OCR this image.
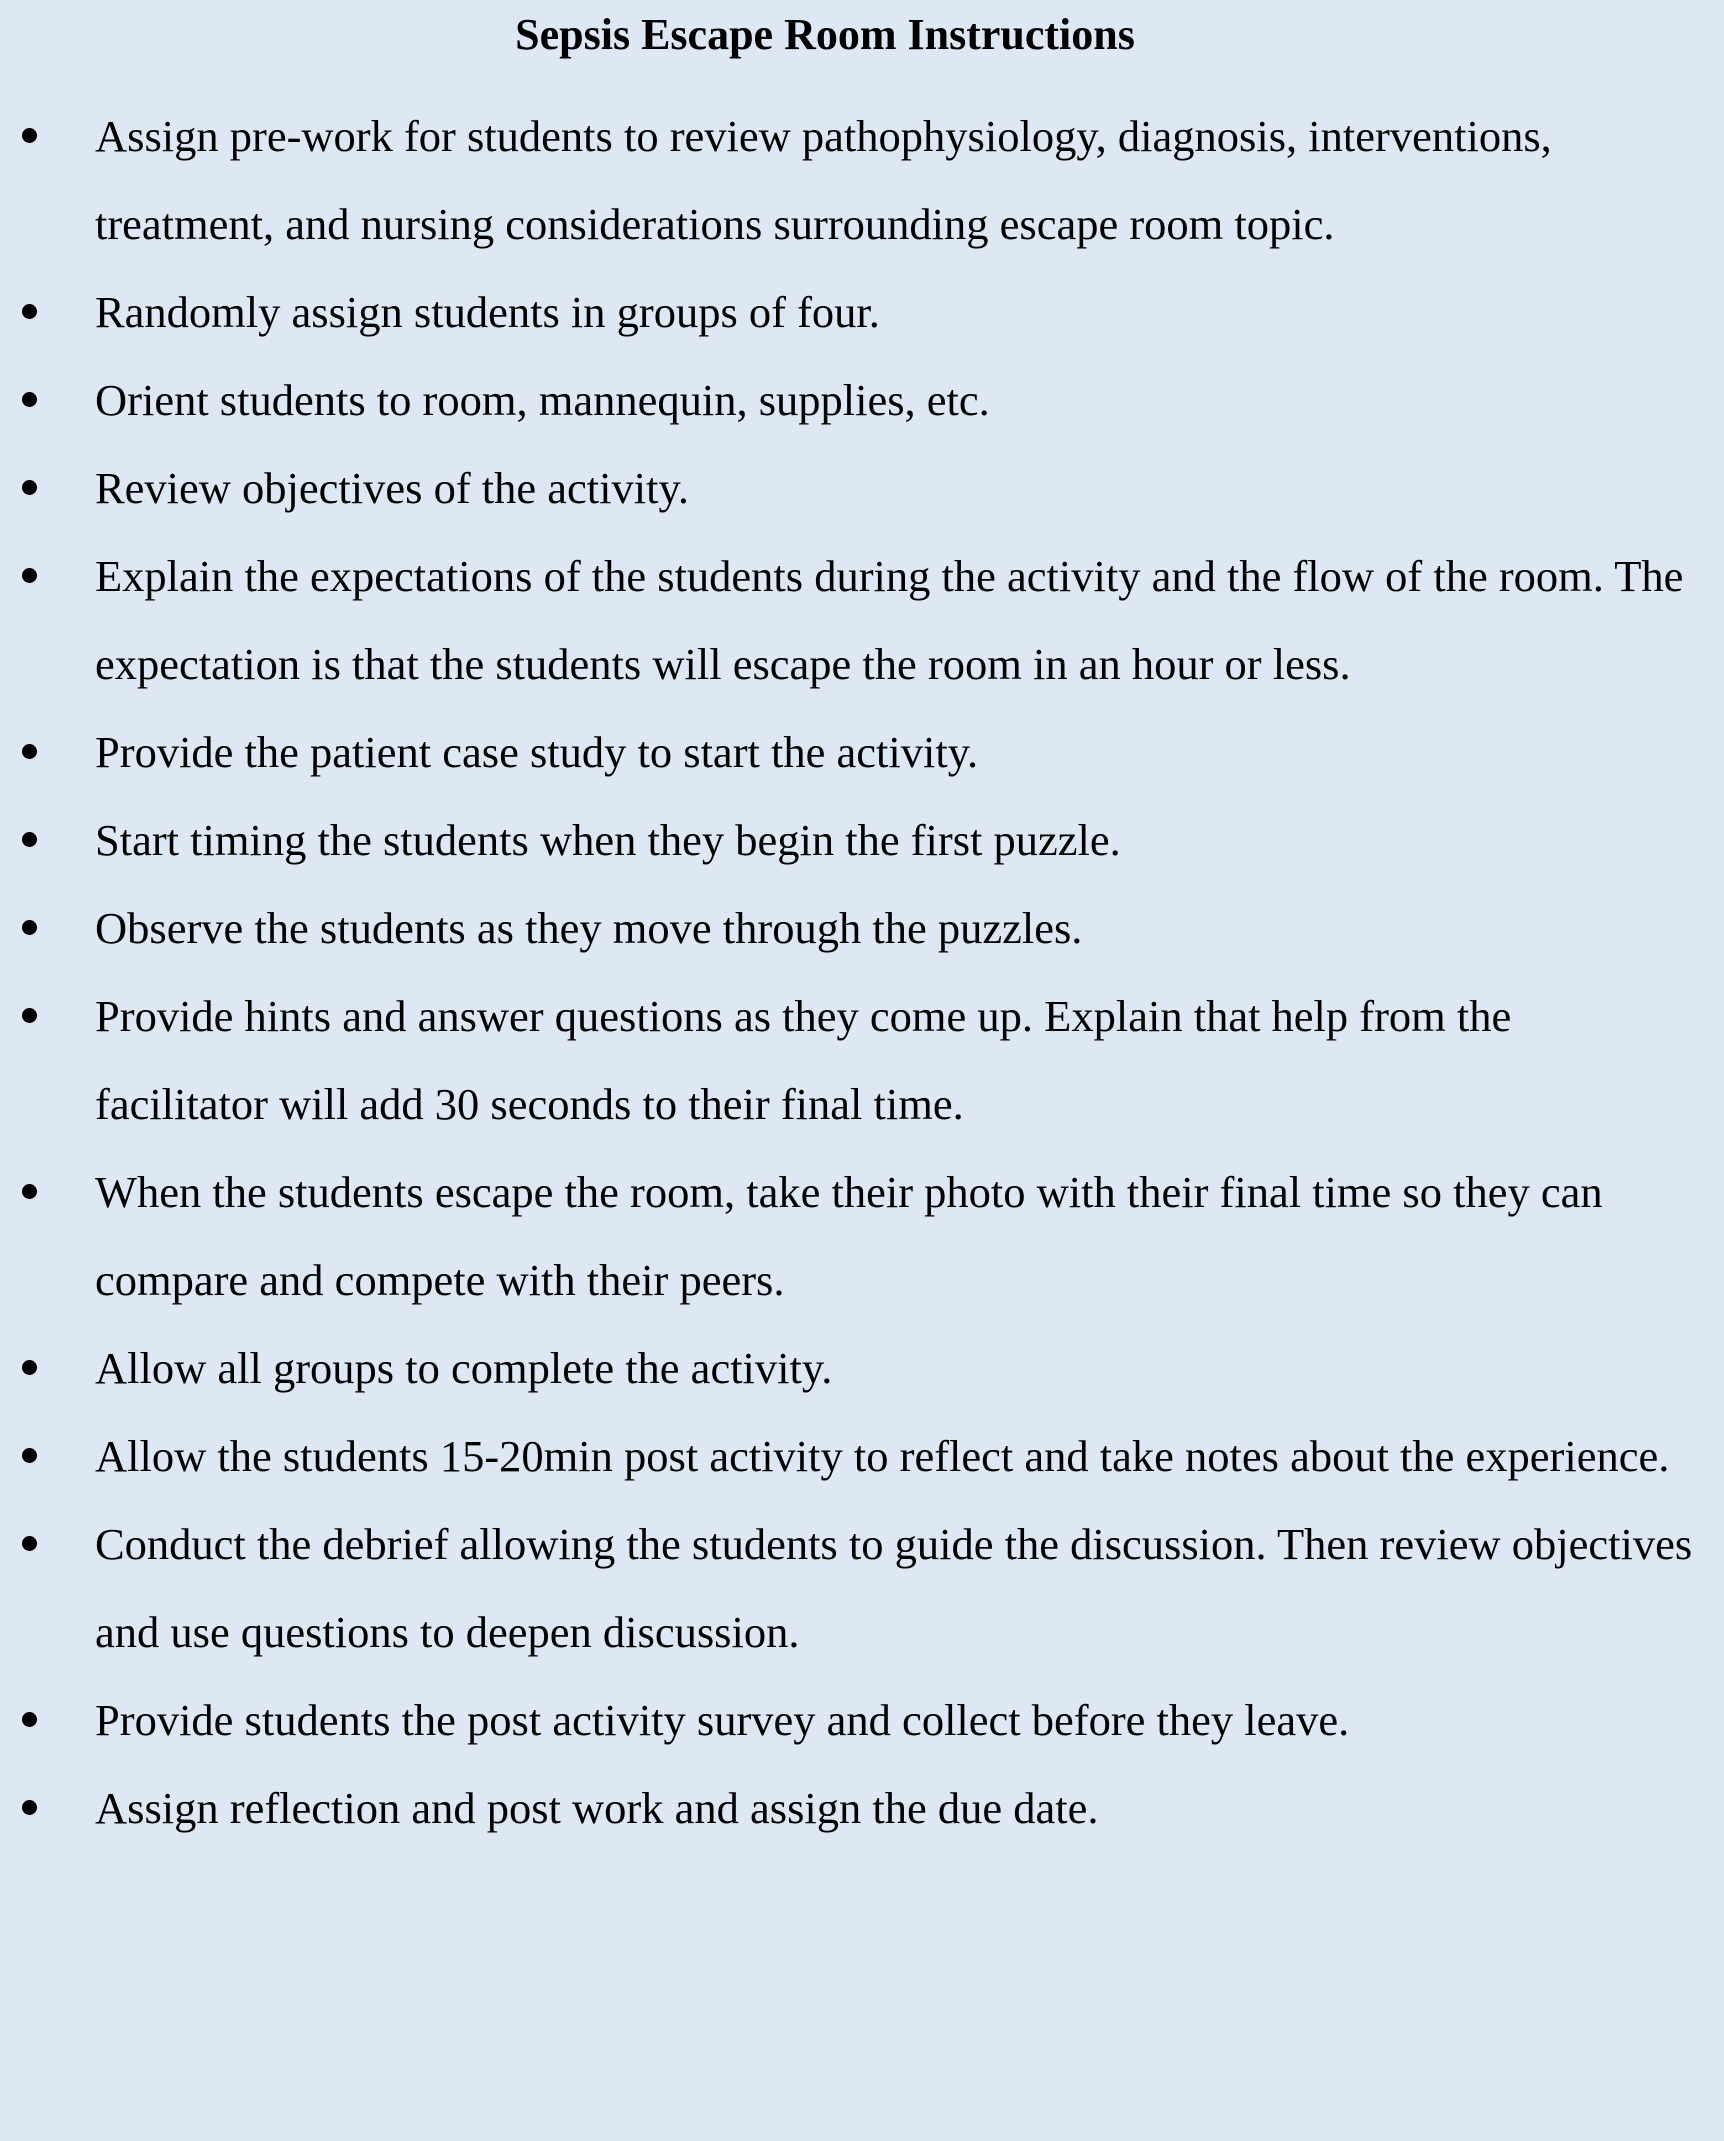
Sepsis Escape Room Instructions
Assign pre-work for students to review pathophysiology, diagnosis, interventions, treatment, and nursing considerations surrounding escape room topic.
Randomly assign students in groups of four.
Orient students to room, mannequin, supplies, etc.
Review objectives of the activity.
Explain the expectations of the students during the activity and the flow of the room. The expectation is that the students will escape the room in an hour or less.
Provide the patient case study to start the activity.
Start timing the students when they begin the first puzzle.
Observe the students as they move through the puzzles.
Provide hints and answer questions as they come up. Explain that help from the facilitator will add 30 seconds to their final time.
When the students escape the room, take their photo with their final time so they can compare and compete with their peers.
Allow all groups to complete the activity.
Allow the students 15-20min post activity to reflect and take notes about the experience.
Conduct the debrief allowing the students to guide the discussion. Then review objectives and use questions to deepen discussion.
Provide students the post activity survey and collect before they leave.
Assign reflection and post work and assign the due date.
